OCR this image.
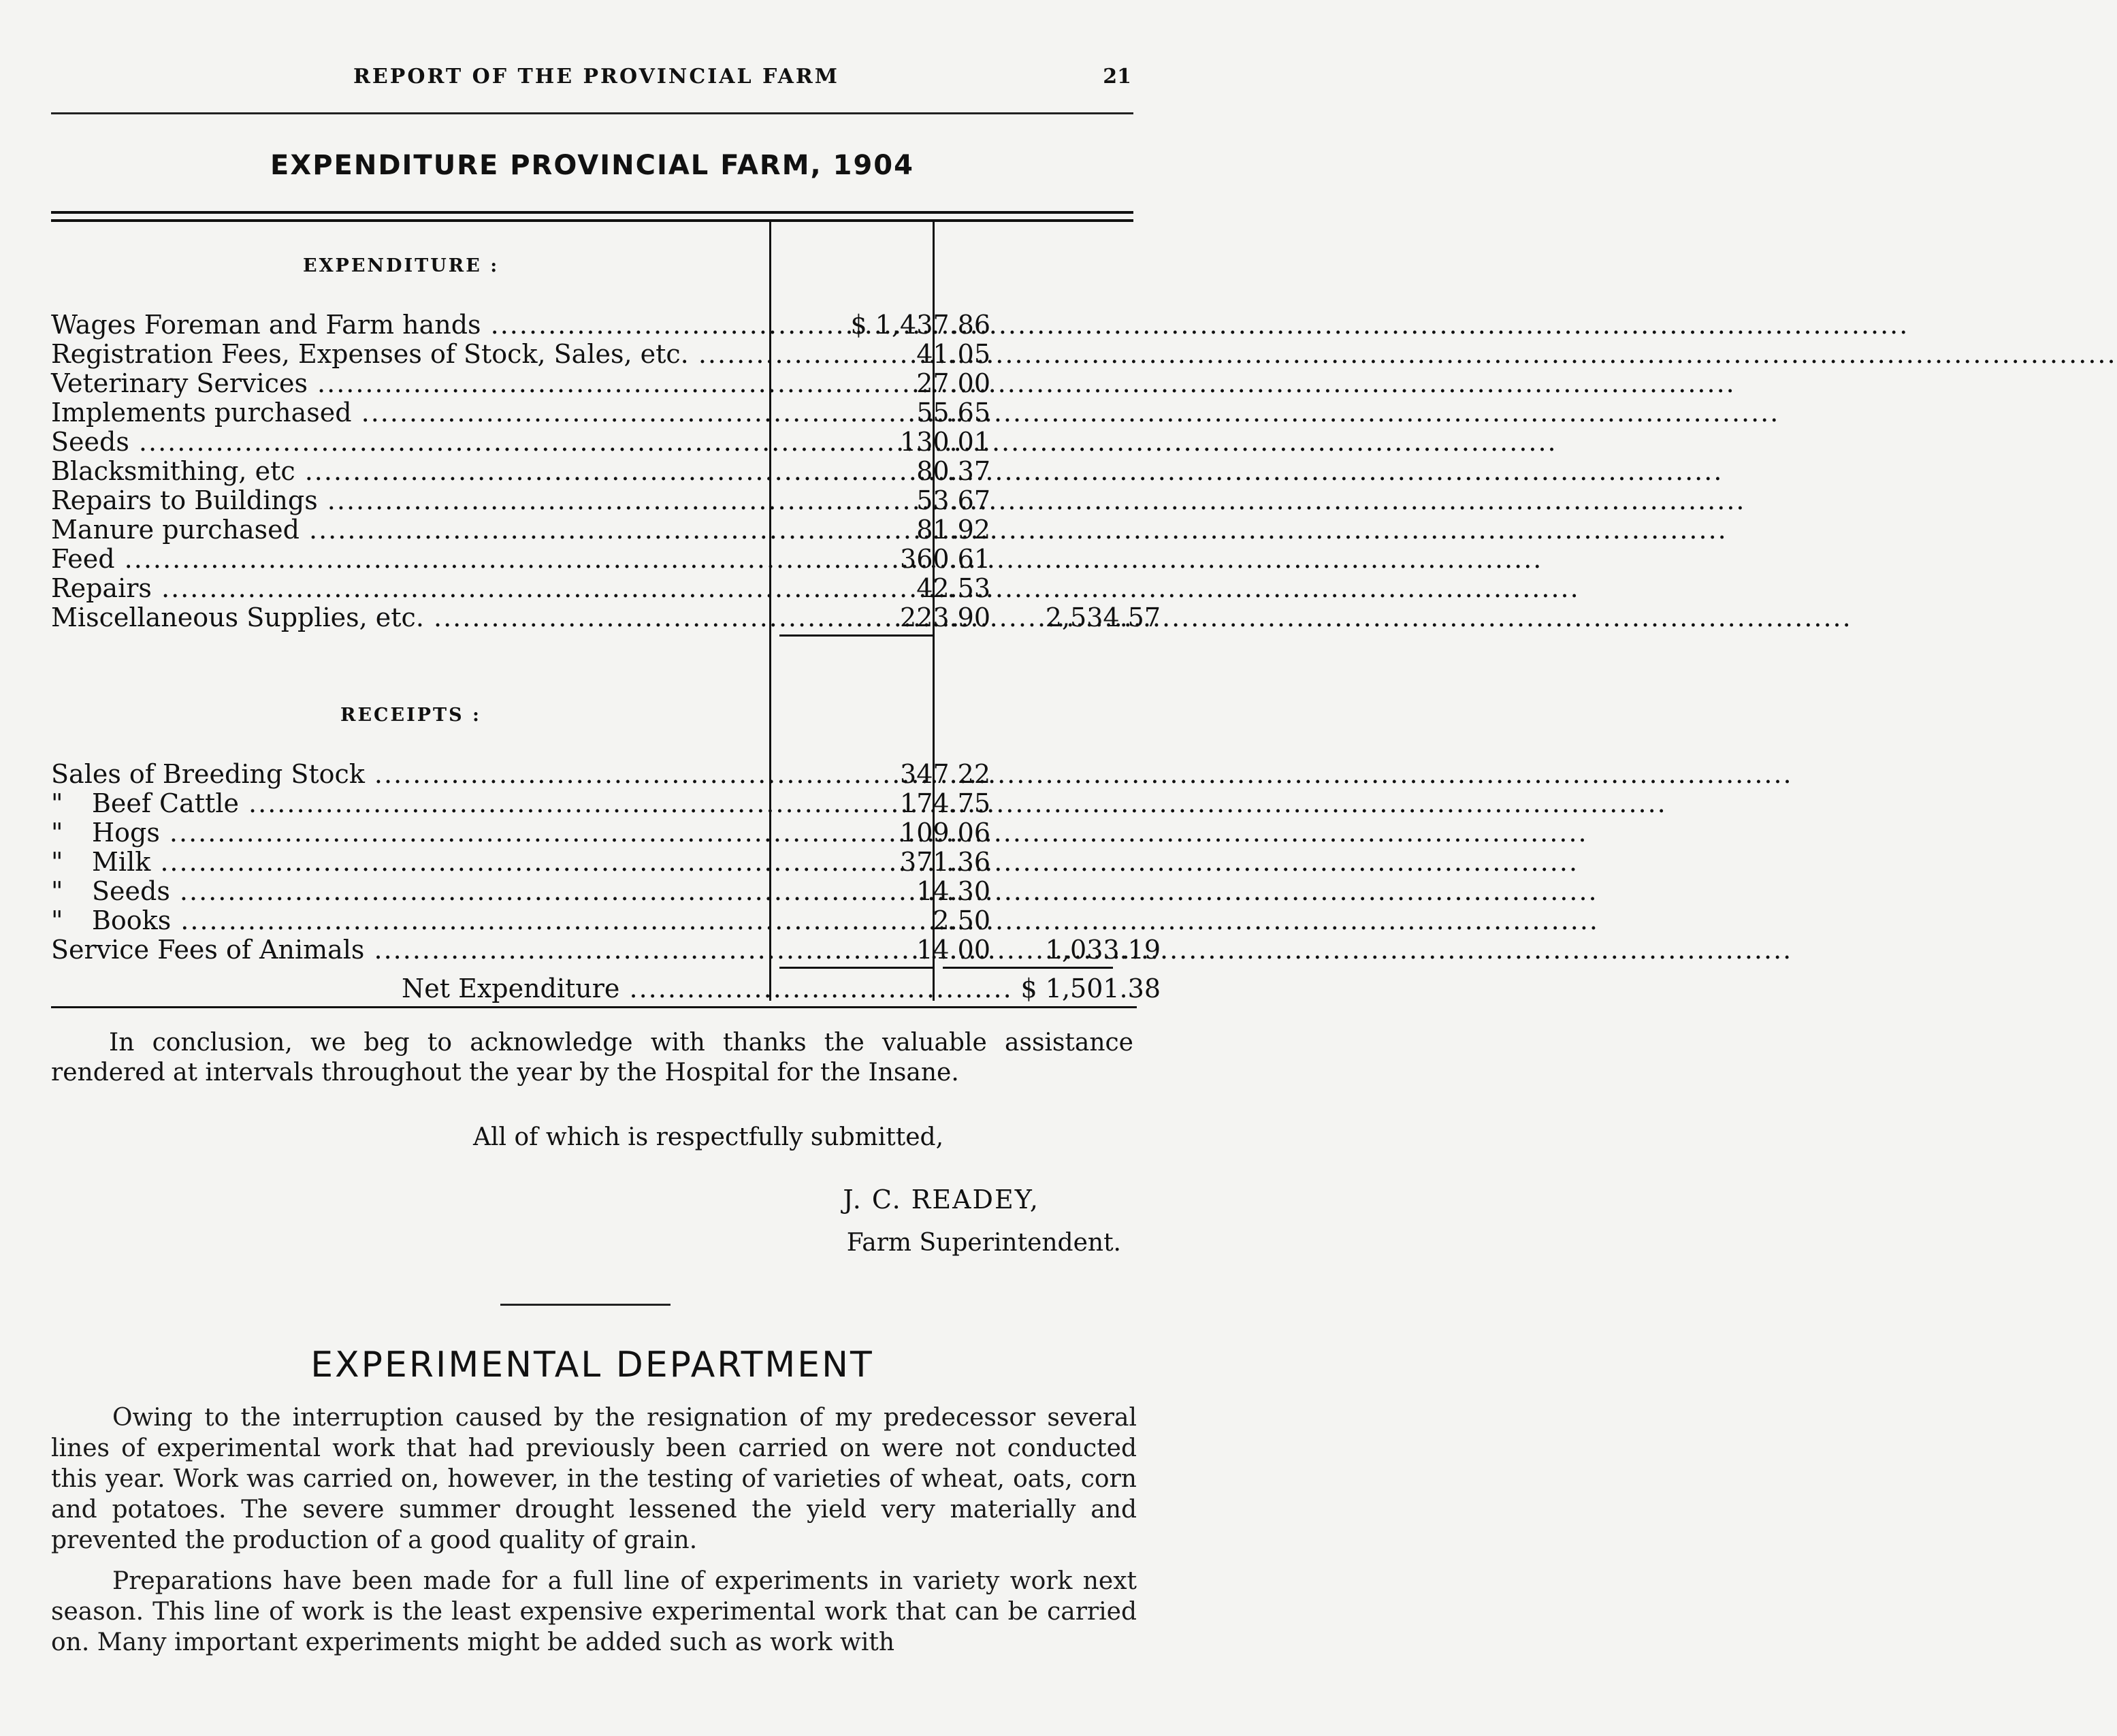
REPORT OF THE PROVINCIAL FARM	21
EXPENDITURE PROVINCIAL FARM, 1904
EXPENDITURE :
Wages Foreman and Farm hands .....	$ 1,437.86
Registration Fees, Expenses of Stock, Sales, etc. .....	41.05
Veterinary Services .....	27.00
Implements purchased .....	55.65
Seeds .....	130.01
Blacksmithing, etc .....	80.37
Repairs to Buildings .....	53.67
Manure purchased .....	81.92
Feed .....	360.61
Repairs .....	42.53
Miscellaneous Supplies, etc. .....	223.90	2,534.57
RECEIPTS :
Sales of Breeding Stock .....	347.22
" Beef Cattle .....	174.75
" Hogs .....	109.06
" Milk .....	371.36
" Seeds .....	14.30
" Books .....	2.50
Service Fees of Animals .....	14.00	1,033.19
Net Expenditure .....	$ 1,501.38
In conclusion, we beg to acknowledge with thanks the valuable assistance rendered at intervals throughout the year by the Hospital for the Insane.
All of which is respectfully submitted,
J. C. READEY,
Farm Superintendent.
EXPERIMENTAL DEPARTMENT

Owing to the interruption caused by the resignation of my predecessor several lines of experimental work that had previously been carried on were not conducted this year. Work was carried on, however, in the testing of varieties of wheat, oats, corn and potatoes. The severe summer drought lessened the yield very materially and prevented the production of a good quality of grain.

Preparations have been made for a full line of experiments in variety work next season. This line of work is the least expensive experimental work that can be carried on. Many important experiments might be added such as work with
